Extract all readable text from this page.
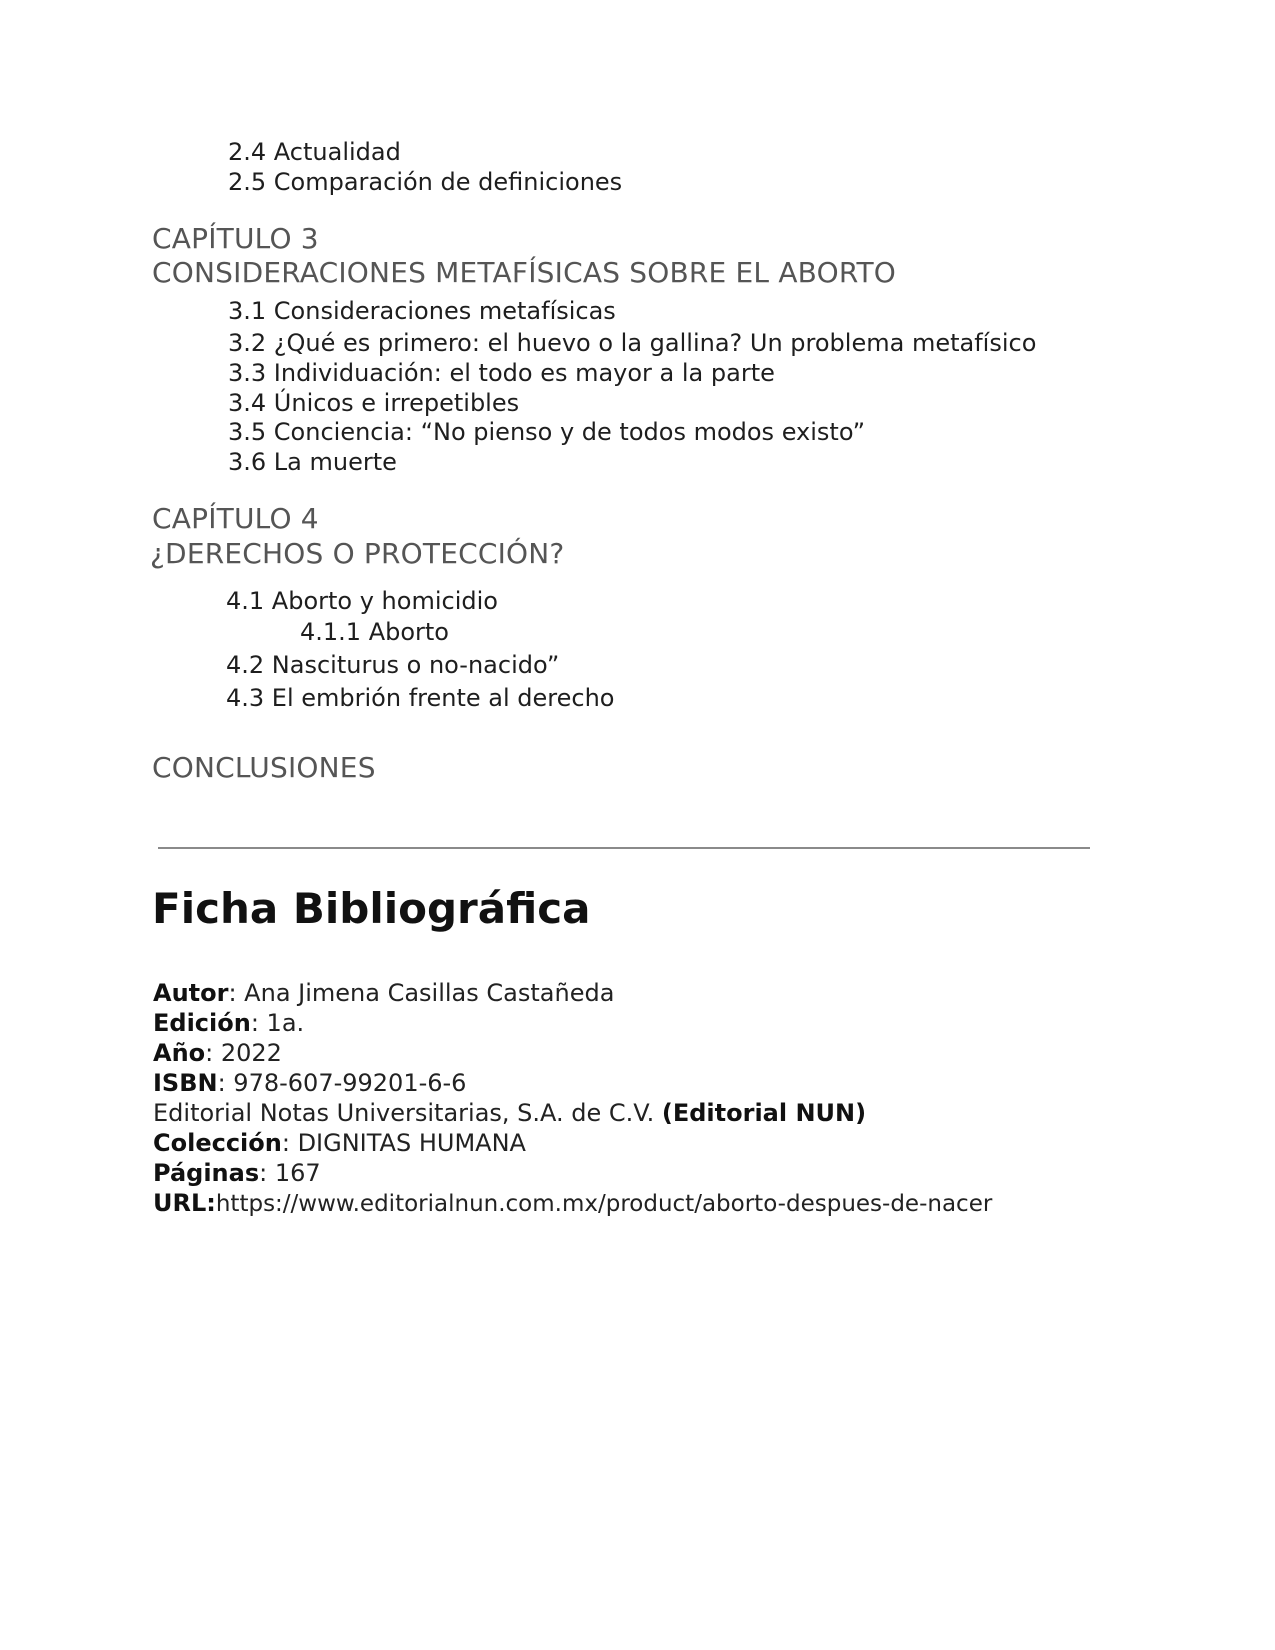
2.4 Actualidad
2.5 Comparación de definiciones
CAPÍTULO 3
CONSIDERACIONES METAFÍSICAS SOBRE EL ABORTO
3.1 Consideraciones metafísicas
3.2 ¿Qué es primero: el huevo o la gallina? Un problema metafísico
3.3 Individuación: el todo es mayor a la parte
3.4 Únicos e irrepetibles
3.5 Conciencia: “No pienso y de todos modos existo”
3.6 La muerte
CAPÍTULO 4
¿DERECHOS O PROTECCIÓN?
4.1 Aborto y homicidio
4.1.1 Aborto
4.2 Nasciturus o no-nacido”
4.3 El embrión frente al derecho
CONCLUSIONES
Ficha Bibliográfica
Autor: Ana Jimena Casillas Castañeda
Edición: 1a.
Año: 2022
ISBN: 978-607-99201-6-6
Editorial Notas Universitarias, S.A. de C.V. (Editorial NUN)
Colección: DIGNITAS HUMANA
Páginas: 167
URL:https://www.editorialnun.com.mx/product/aborto-despues-de-nacer
